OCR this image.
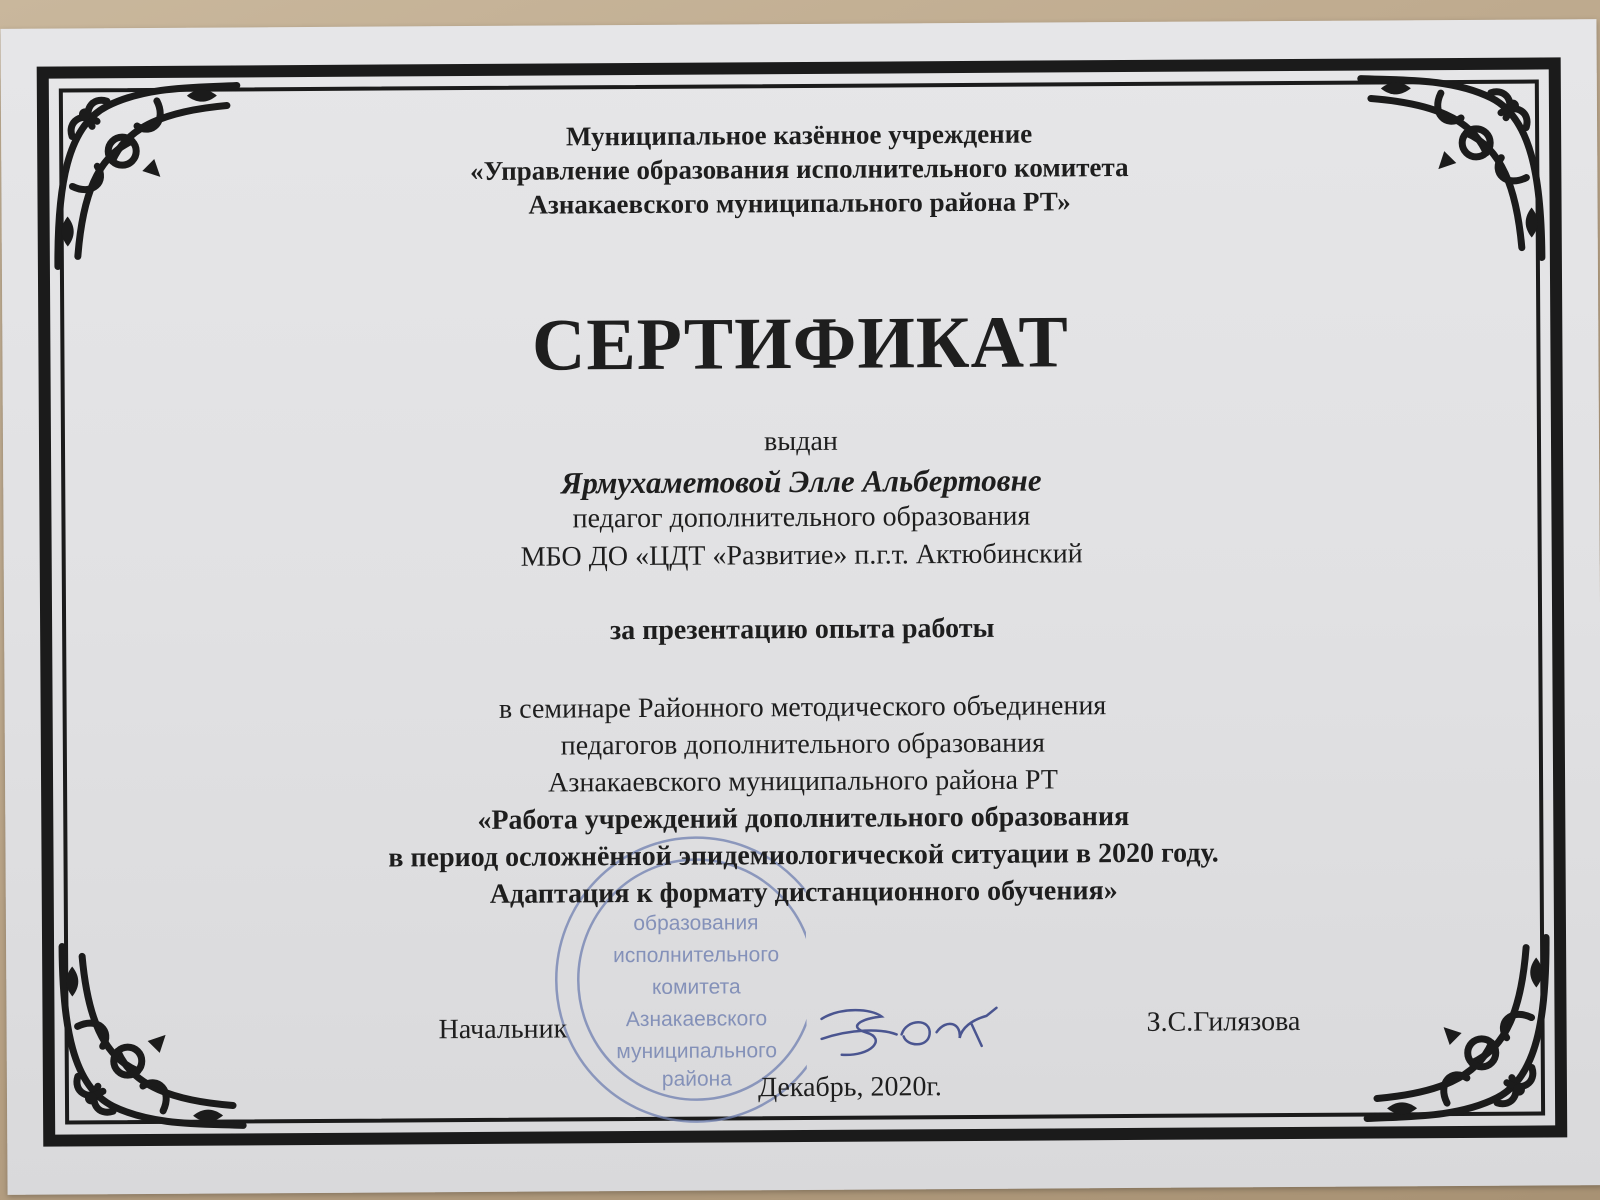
образования
исполнительного
комитета
Азнакаевского
муниципального
района
Муниципальное казённое учреждение
«Управление образования исполнительного комитета
Азнакаевского муниципального района РТ»
СЕРТИФИКАТ
выдан
Ярмухаметовой Элле Альбертовне
педагог дополнительного образования
МБО ДО «ЦДТ «Развитие» п.г.т. Актюбинский
за презентацию опыта работы
в семинаре Районного методического объединения
педагогов дополнительного образования
Азнакаевского муниципального района РТ
«Работа учреждений дополнительного образования
в период осложнённой эпидемиологической ситуации в 2020 году.
Адаптация к формату дистанционного обучения»
Начальник	З.С.Гилязова
Декабрь, 2020г.
